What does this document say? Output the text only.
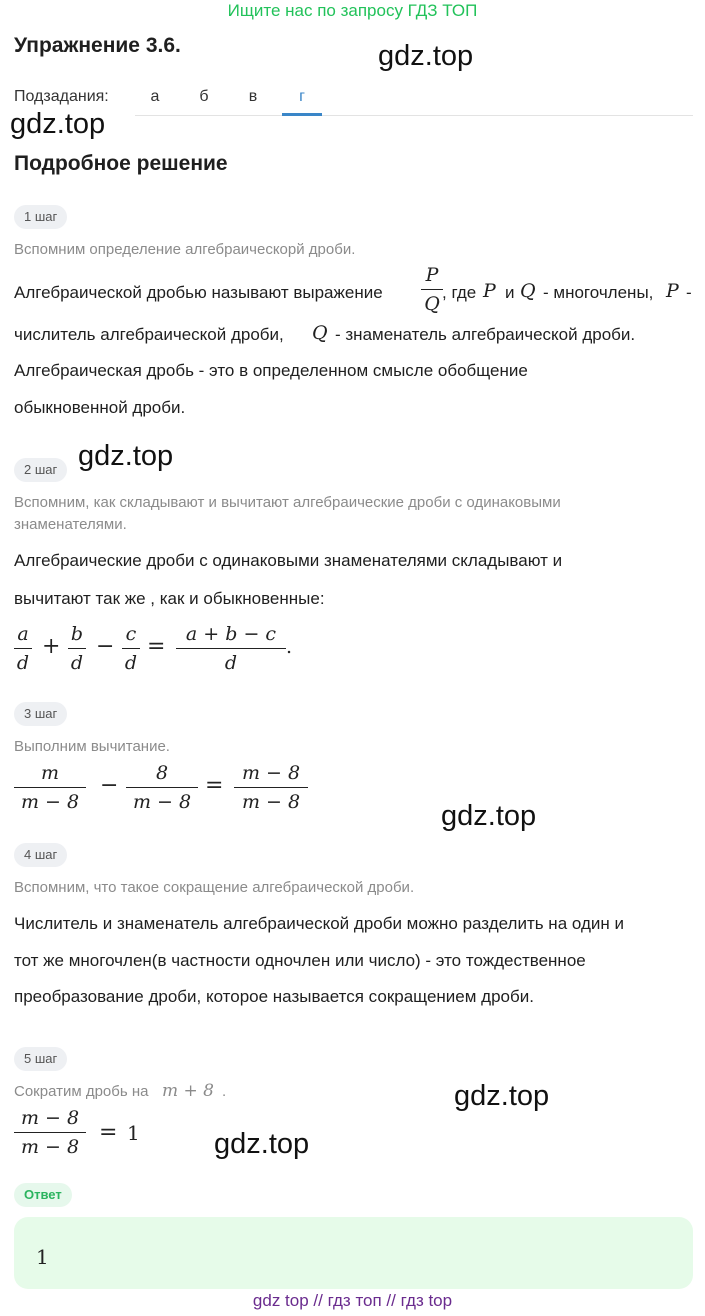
Ищите нас по запросу ГДЗ ТОП
Упражнение 3.6.	gdz.top
gdz.top
gdz.top
gdz.top
gdz.top
gdz.top
Подзадания:	а	б	в	г
Подробное решение
1 шаг
Вспомним определение алгебраическорй дроби.
Алгебраической дробью называют выражение
P
Q
, где P и Q - многочлены, P -
числитель алгебраической дроби, Q - знаменатель алгебраической дроби.
Алгебраическая дробь - это в определенном смысле обобщение
обыкновенной дроби.
2 шаг
Вспомним, как складывают и вычитают алгебраические дроби с одинаковыми
знаменателями.
Алгебраические дроби с одинаковыми знаменателями складывают и
вычитают так же , как и обыкновенные:
a
d
+ b
d
− c
d
=	a + b − c
d
.
3 шаг
Выполним вычитание.
m
m − 8
−	8
m − 8
= m − 8
m − 8
4 шаг
Вспомним, что такое сокращение алгебраической дроби.
Числитель и знаменатель алгебраической дроби можно разделить на один и
тот же многочлен(в частности одночлен или число) - это тождественное
преобразование дроби, которое называется сокращением дроби.
5 шаг
Сократим дробь на m + 8 .
m − 8
m − 8
= 1
Ответ
1
gdz top // гдз топ // гдз top
